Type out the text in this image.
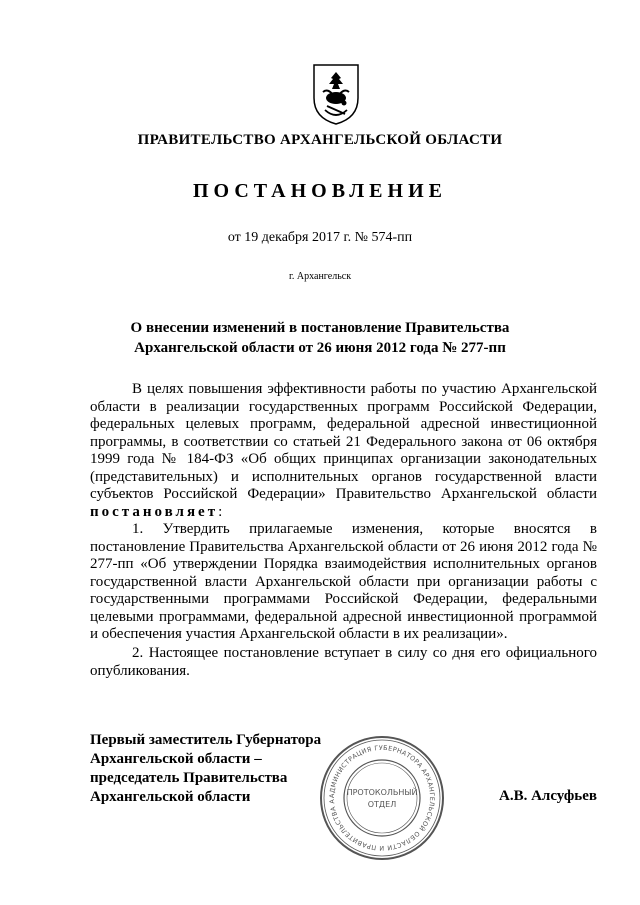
ПРАВИТЕЛЬСТВО АРХАНГЕЛЬСКОЙ ОБЛАСТИ
ПОСТАНОВЛЕНИЕ
от 19 декабря 2017 г. № 574-пп
г. Архангельск
О внесении изменений в постановление Правительства
Архангельской области от 26 июня 2012 года № 277-пп

В целях повышения эффективности работы по участию Архангельской области в реализации государственных программ Российской Федерации, федеральных целевых программ, федеральной адресной инвестиционной программы, в соответствии со статьей 21 Федерального закона от 06 октября 1999 года № 184-ФЗ «Об общих принципах организации законодательных (представительных) и исполнительных органов государственной власти субъектов Российской Федерации» Правительство Архангельской области постановляет:

1. Утвердить прилагаемые изменения, которые вносятся в постановление Правительства Архангельской области от 26 июня 2012 года № 277-пп «Об утверждении Порядка взаимодействия исполнительных органов государственной власти Архангельской области при организации работы с государственными программами Российской Федерации, федеральными целевыми программами, федеральной адресной инвестиционной программой и обеспечения участия Архангельской области в их реализации».

2. Настоящее постановление вступает в силу со дня его официального опубликования.

Первый заместитель Губернатора
Архангельской области –
председатель Правительства
Архангельской области	А.В. Алсуфьев
АДМИНИСТРАЦИЯ ГУБЕРНАТОРА АРХАНГЕЛЬСКОЙ ОБЛАСТИ И ПРАВИТЕЛЬСТВА А
ПРОТОКОЛЬНЫЙ
ОТДЕЛ
